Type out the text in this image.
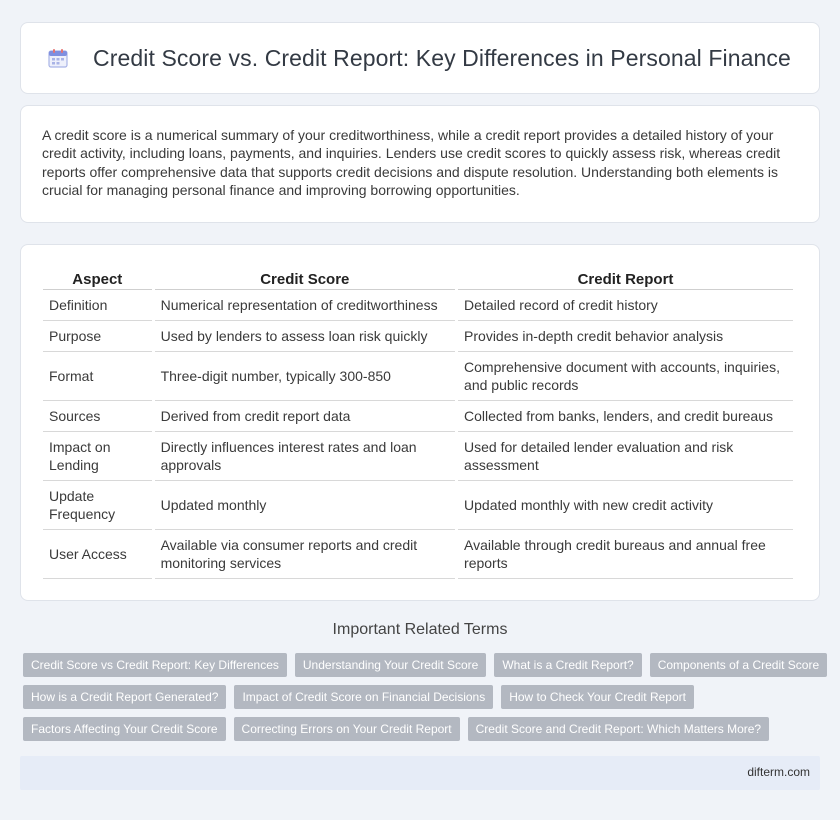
Credit Score vs. Credit Report: Key Differences in Personal Finance

A credit score is a numerical summary of your creditworthiness, while a credit report provides a detailed history of your credit activity, including loans, payments, and inquiries. Lenders use credit scores to quickly assess risk, whereas credit reports offer comprehensive data that supports credit decisions and dispute resolution. Understanding both elements is crucial for managing personal finance and improving borrowing opportunities.

Aspect	Credit Score	Credit Report
Definition	Numerical representation of creditworthiness	Detailed record of credit history
Purpose	Used by lenders to assess loan risk quickly	Provides in-depth credit behavior analysis
Format	Three-digit number, typically 300-850	Comprehensive document with accounts, inquiries, and public records
Sources	Derived from credit report data	Collected from banks, lenders, and credit bureaus
Impact on Lending	Directly influences interest rates and loan approvals	Used for detailed lender evaluation and risk assessment
Update Frequency	Updated monthly	Updated monthly with new credit activity
User Access	Available via consumer reports and credit monitoring services	Available through credit bureaus and annual free reports
Important Related Terms
Credit Score vs Credit Report: Key Differences	Understanding Your Credit Score	What is a Credit Report?	Components of a Credit Score
How is a Credit Report Generated?	Impact of Credit Score on Financial Decisions	How to Check Your Credit Report
Factors Affecting Your Credit Score	Correcting Errors on Your Credit Report	Credit Score and Credit Report: Which Matters More?
difterm.com
